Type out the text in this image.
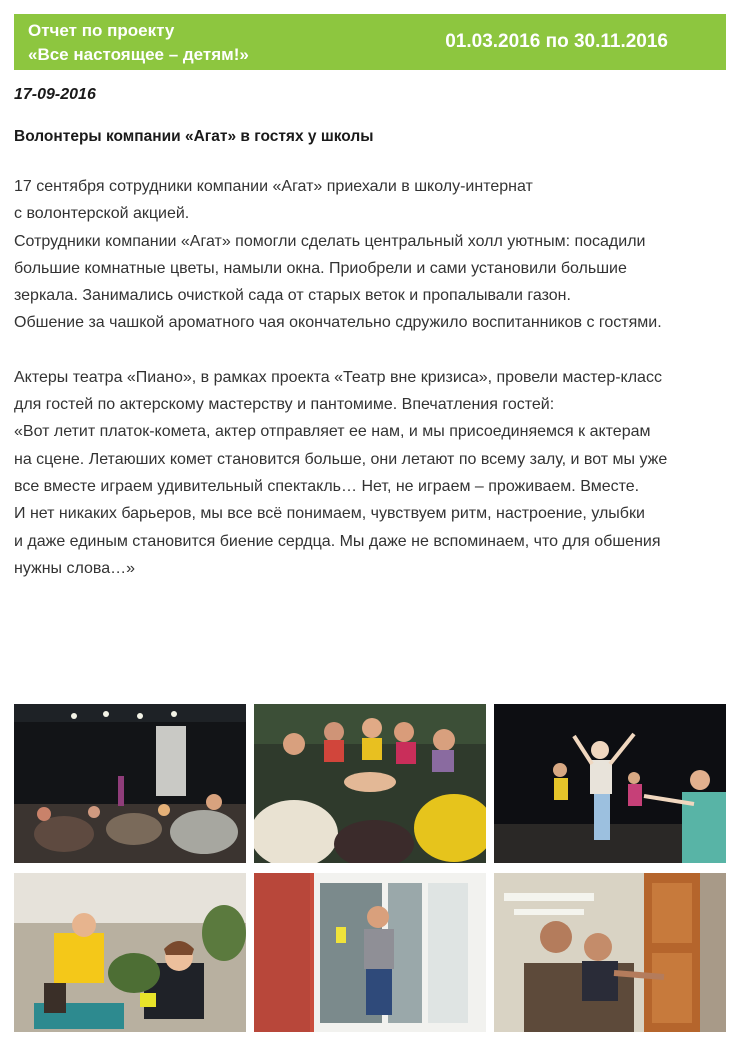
Отчет по проекту
«Все настоящее – детям!»
01.03.2016 по 30.11.2016
17-09-2016
Волонтеры компании «Агат» в гостях у школы

17 сентября сотрудники компании «Агат» приехали в школу-интернат

с волонтерской акцией.

Сотрудники компании «Агат» помогли сделать центральный холл уютным: посадили

большие комнатные цветы, намыли окна. Приобрели и сами установили большие

зеркала. Занимались очисткой сада от старых веток и пропалывали газон.

Обшение за чашкой ароматного чая окончательно сдружило воспитанников с гостями.

Актеры театра «Пиано», в рамках проекта «Театр вне кризиса», провели мастер-класс

для гостей по актерскому мастерству и пантомиме. Впечатления гостей:

«Вот летит платок-комета, актер отправляет ее нам, и мы присоединяемся к актерам

на сцене. Летаюших комет становится больше, они летают по всему залу, и вот мы уже

все вместе играем удивительный спектакль… Нет, не играем – проживаем. Вместе.

И нет никаких барьеров, мы все всё понимаем, чувствуем ритм, настроение, улыбки

и даже единым становится биение сердца. Мы даже не вспоминаем, что для обшения

нужны слова…»
